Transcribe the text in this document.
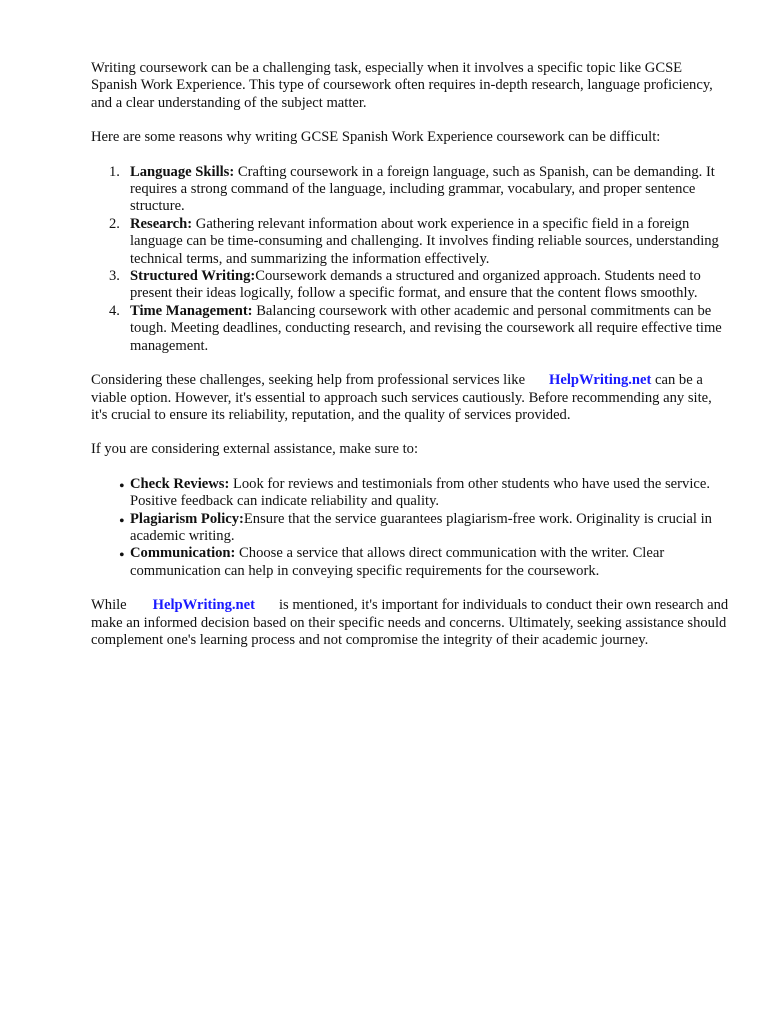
Writing coursework can be a challenging task, especially when it involves a specific topic like GCSE Spanish Work Experience. This type of coursework often requires in-depth research, language proficiency, and a clear understanding of the subject matter.

Here are some reasons why writing GCSE Spanish Work Experience coursework can be difficult:

1. Language Skills: Crafting coursework in a foreign language, such as Spanish, can be demanding. It requires a strong command of the language, including grammar, vocabulary, and proper sentence structure.
2. Research: Gathering relevant information about work experience in a specific field in a foreign language can be time-consuming and challenging. It involves finding reliable sources, understanding technical terms, and summarizing the information effectively.
3. Structured Writing:Coursework demands a structured and organized approach. Students need to present their ideas logically, follow a specific format, and ensure that the content flows smoothly.
4. Time Management: Balancing coursework with other academic and personal commitments can be tough. Meeting deadlines, conducting research, and revising the coursework all require effective time management.

Considering these challenges, seeking help from professional services like HelpWriting.net can be a viable option. However, it's essential to approach such services cautiously. Before recommending any site, it's crucial to ensure its reliability, reputation, and the quality of services provided.

If you are considering external assistance, make sure to:

• Check Reviews: Look for reviews and testimonials from other students who have used the service. Positive feedback can indicate reliability and quality.
• Plagiarism Policy:Ensure that the service guarantees plagiarism-free work. Originality is crucial in academic writing.
• Communication: Choose a service that allows direct communication with the writer. Clear communication can help in conveying specific requirements for the coursework.

While HelpWriting.net is mentioned, it's important for individuals to conduct their own research and make an informed decision based on their specific needs and concerns. Ultimately, seeking assistance should complement one's learning process and not compromise the integrity of their academic journey.
